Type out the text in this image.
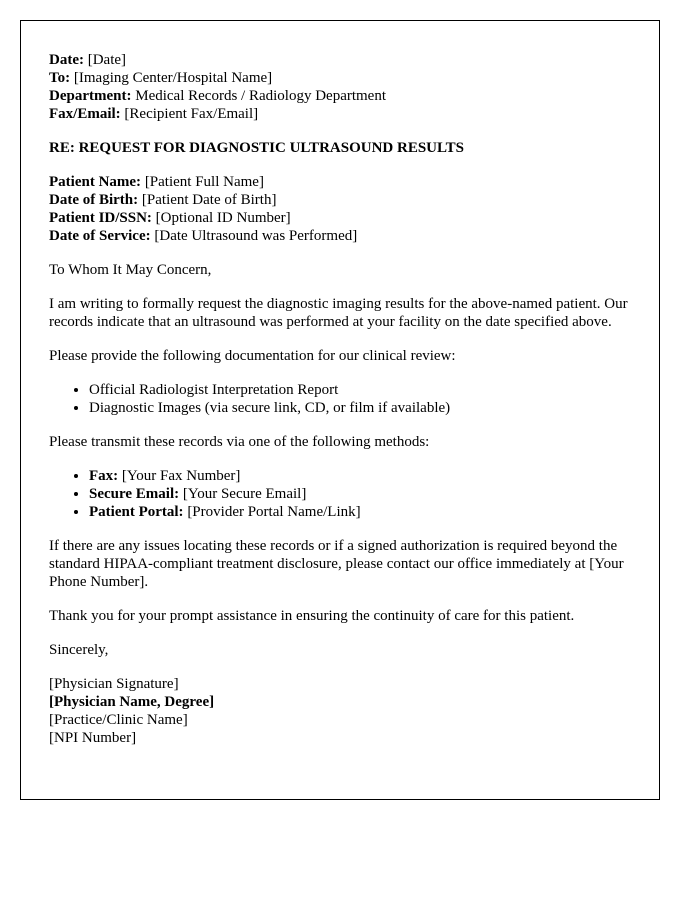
Date: [Date]

To: [Imaging Center/Hospital Name]

Department: Medical Records / Radiology Department

Fax/Email: [Recipient Fax/Email]

RE: REQUEST FOR DIAGNOSTIC ULTRASOUND RESULTS

Patient Name: [Patient Full Name]

Date of Birth: [Patient Date of Birth]

Patient ID/SSN: [Optional ID Number]

Date of Service: [Date Ultrasound was Performed]

To Whom It May Concern,

I am writing to formally request the diagnostic imaging results for the above-named patient. Our records indicate that an ultrasound was performed at your facility on the date specified above.

Please provide the following documentation for our clinical review:

• Official Radiologist Interpretation Report
• Diagnostic Images (via secure link, CD, or film if available)

Please transmit these records via one of the following methods:

• Fax: [Your Fax Number]
• Secure Email: [Your Secure Email]
• Patient Portal: [Provider Portal Name/Link]

If there are any issues locating these records or if a signed authorization is required beyond the standard HIPAA-compliant treatment disclosure, please contact our office immediately at [Your Phone Number].

Thank you for your prompt assistance in ensuring the continuity of care for this patient.

Sincerely,

[Physician Signature]

[Physician Name, Degree]

[Practice/Clinic Name]

[NPI Number]
